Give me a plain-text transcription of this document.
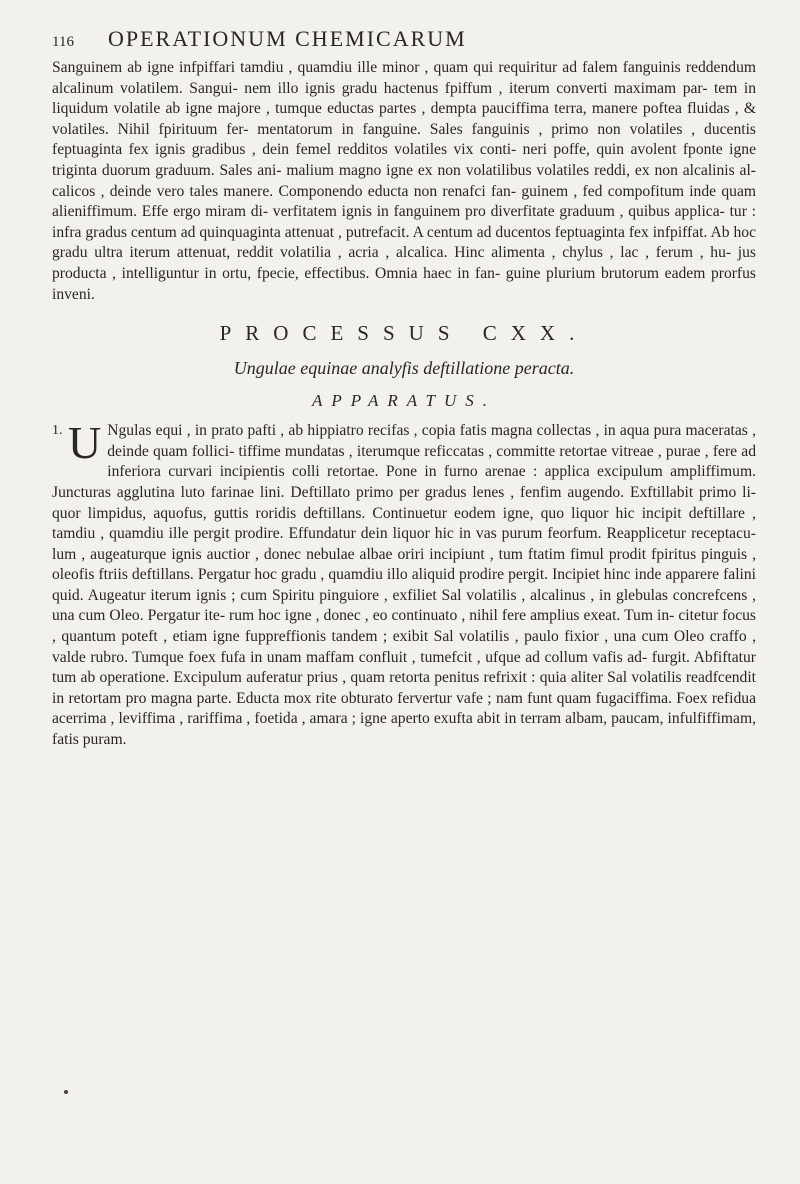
116 OPERATIONUM CHEMICARUM

Sanguinem ab igne infpiffari tamdiu , quamdiu ille minor , quam qui requiritur ad falem fanguinis reddendum alcalinum volatilem. Sangui- nem illo ignis gradu hactenus fpiffum , iterum converti maximam par- tem in liquidum volatile ab igne majore , tumque eductas partes , dempta pauciffima terra, manere poftea fluidas , & volatiles. Nihil fpirituum fer- mentatorum in fanguine. Sales fanguinis , primo non volatiles , ducentis feptuaginta fex ignis gradibus , dein femel redditos volatiles vix conti- neri poffe, quin avolent fponte igne triginta duorum graduum. Sales ani- malium magno igne ex non volatilibus volatiles reddi, ex non alcalinis al- calicos , deinde vero tales manere. Componendo educta non renafci fan- guinem , fed compofitum inde quam alieniffimum. Effe ergo miram di- verfitatem ignis in fanguinem pro diverfitate graduum , quibus applica- tur : infra gradus centum ad quinquaginta attenuat , putrefacit. A centum ad ducentos feptuaginta fex infpiffat. Ab hoc gradu ultra iterum attenuat, reddit volatilia , acria , alcalica. Hinc alimenta , chylus , lac , ferum , hu- jus producta , intelliguntur in ortu, fpecie, effectibus. Omnia haec in fan- guine plurium brutorum eadem prorfus inveni.

PROCESSUS CXX.
Ungulae equinae analyfis deftillatione peracta.
APPARATUS.
1. U Ngulas equi , in prato pafti , ab hippiatro recifas , copia fatis magna collectas , in aqua pura maceratas , deinde quam follici- tiffime mundatas , iterumque reficcatas , committe retortae vitreae , purae , fere ad inferiora curvari incipientis colli retortae. Pone in furno arenae : applica excipulum ampliffimum. Juncturas agglutina luto farinae lini. Deftillato primo per gradus lenes , fenfim augendo. Exftillabit primo li- quor limpidus, aquofus, guttis roridis deftillans. Continuetur eodem igne, quo liquor hic incipit deftillare , tamdiu , quamdiu ille pergit prodire. Effundatur dein liquor hic in vas purum feorfum. Reapplicetur receptacu- lum , augeaturque ignis auctior , donec nebulae albae oriri incipiunt , tum ftatim fimul prodit fpiritus pinguis , oleofis ftriis deftillans. Pergatur hoc gradu , quamdiu illo aliquid prodire pergit. Incipiet hinc inde apparere falini quid. Augeatur iterum ignis ; cum Spiritu pinguiore , exfiliet Sal volatilis , alcalinus , in glebulas concrefcens , una cum Oleo. Pergatur ite- rum hoc igne , donec , eo continuato , nihil fere amplius exeat. Tum in- citetur focus , quantum poteft , etiam igne fuppreffionis tandem ; exibit Sal volatilis , paulo fixior , una cum Oleo craffo , valde rubro. Tumque foex fufa in unam maffam confluit , tumefcit , ufque ad collum vafis ad- furgit. Abfiftatur tum ab operatione. Excipulum auferatur prius , quam retorta penitus refrixit : quia aliter Sal volatilis readfcendit in retortam pro magna parte. Educta mox rite obturato fervertur vafe ; nam funt quam fugaciffima. Foex refidua acerrima , leviffima , rariffima , foetida , amara ; igne aperto exufta abit in terram albam, paucam, infulfiffimam, fatis puram.
